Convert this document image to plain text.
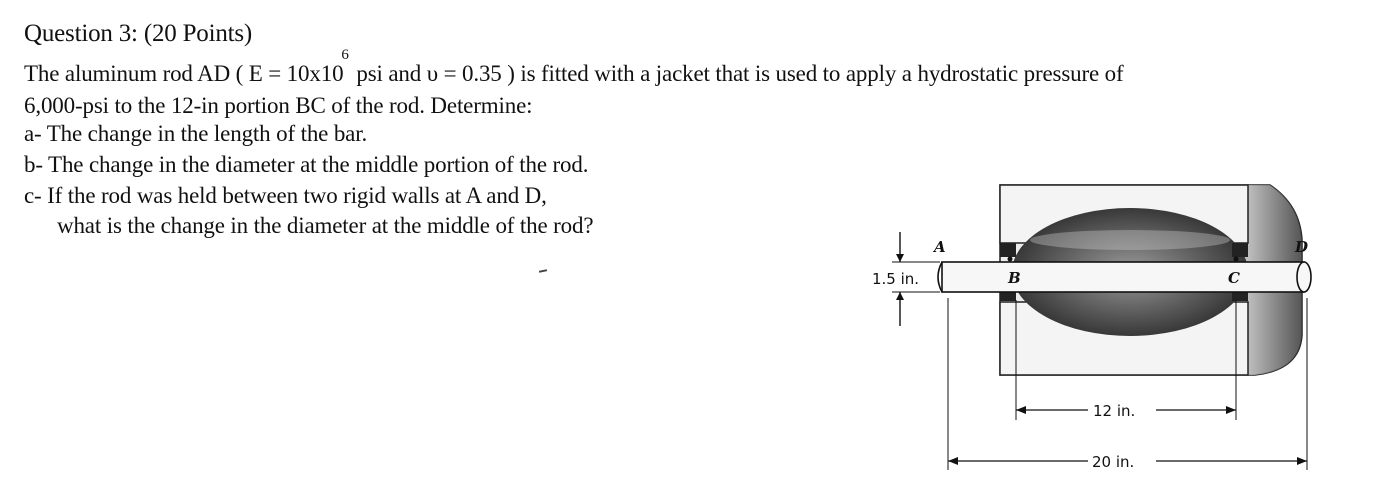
Question 3: (20 Points)
The aluminum rod AD ( $E = 10x10^6$ psi and υ = 0.35 ) is fitted with a jacket that is used to apply a hydrostatic pressure of
6,000-psi to the 12-in portion BC of the rod. Determine:
a- The change in the length of the bar.
b- The change in the diameter at the middle portion of the rod.
c- If the rod was held between two rigid walls at A and D,
what is the change in the diameter at the middle of the rod?
A
B	C
D
1.5 in.
12 in.
20 in.
